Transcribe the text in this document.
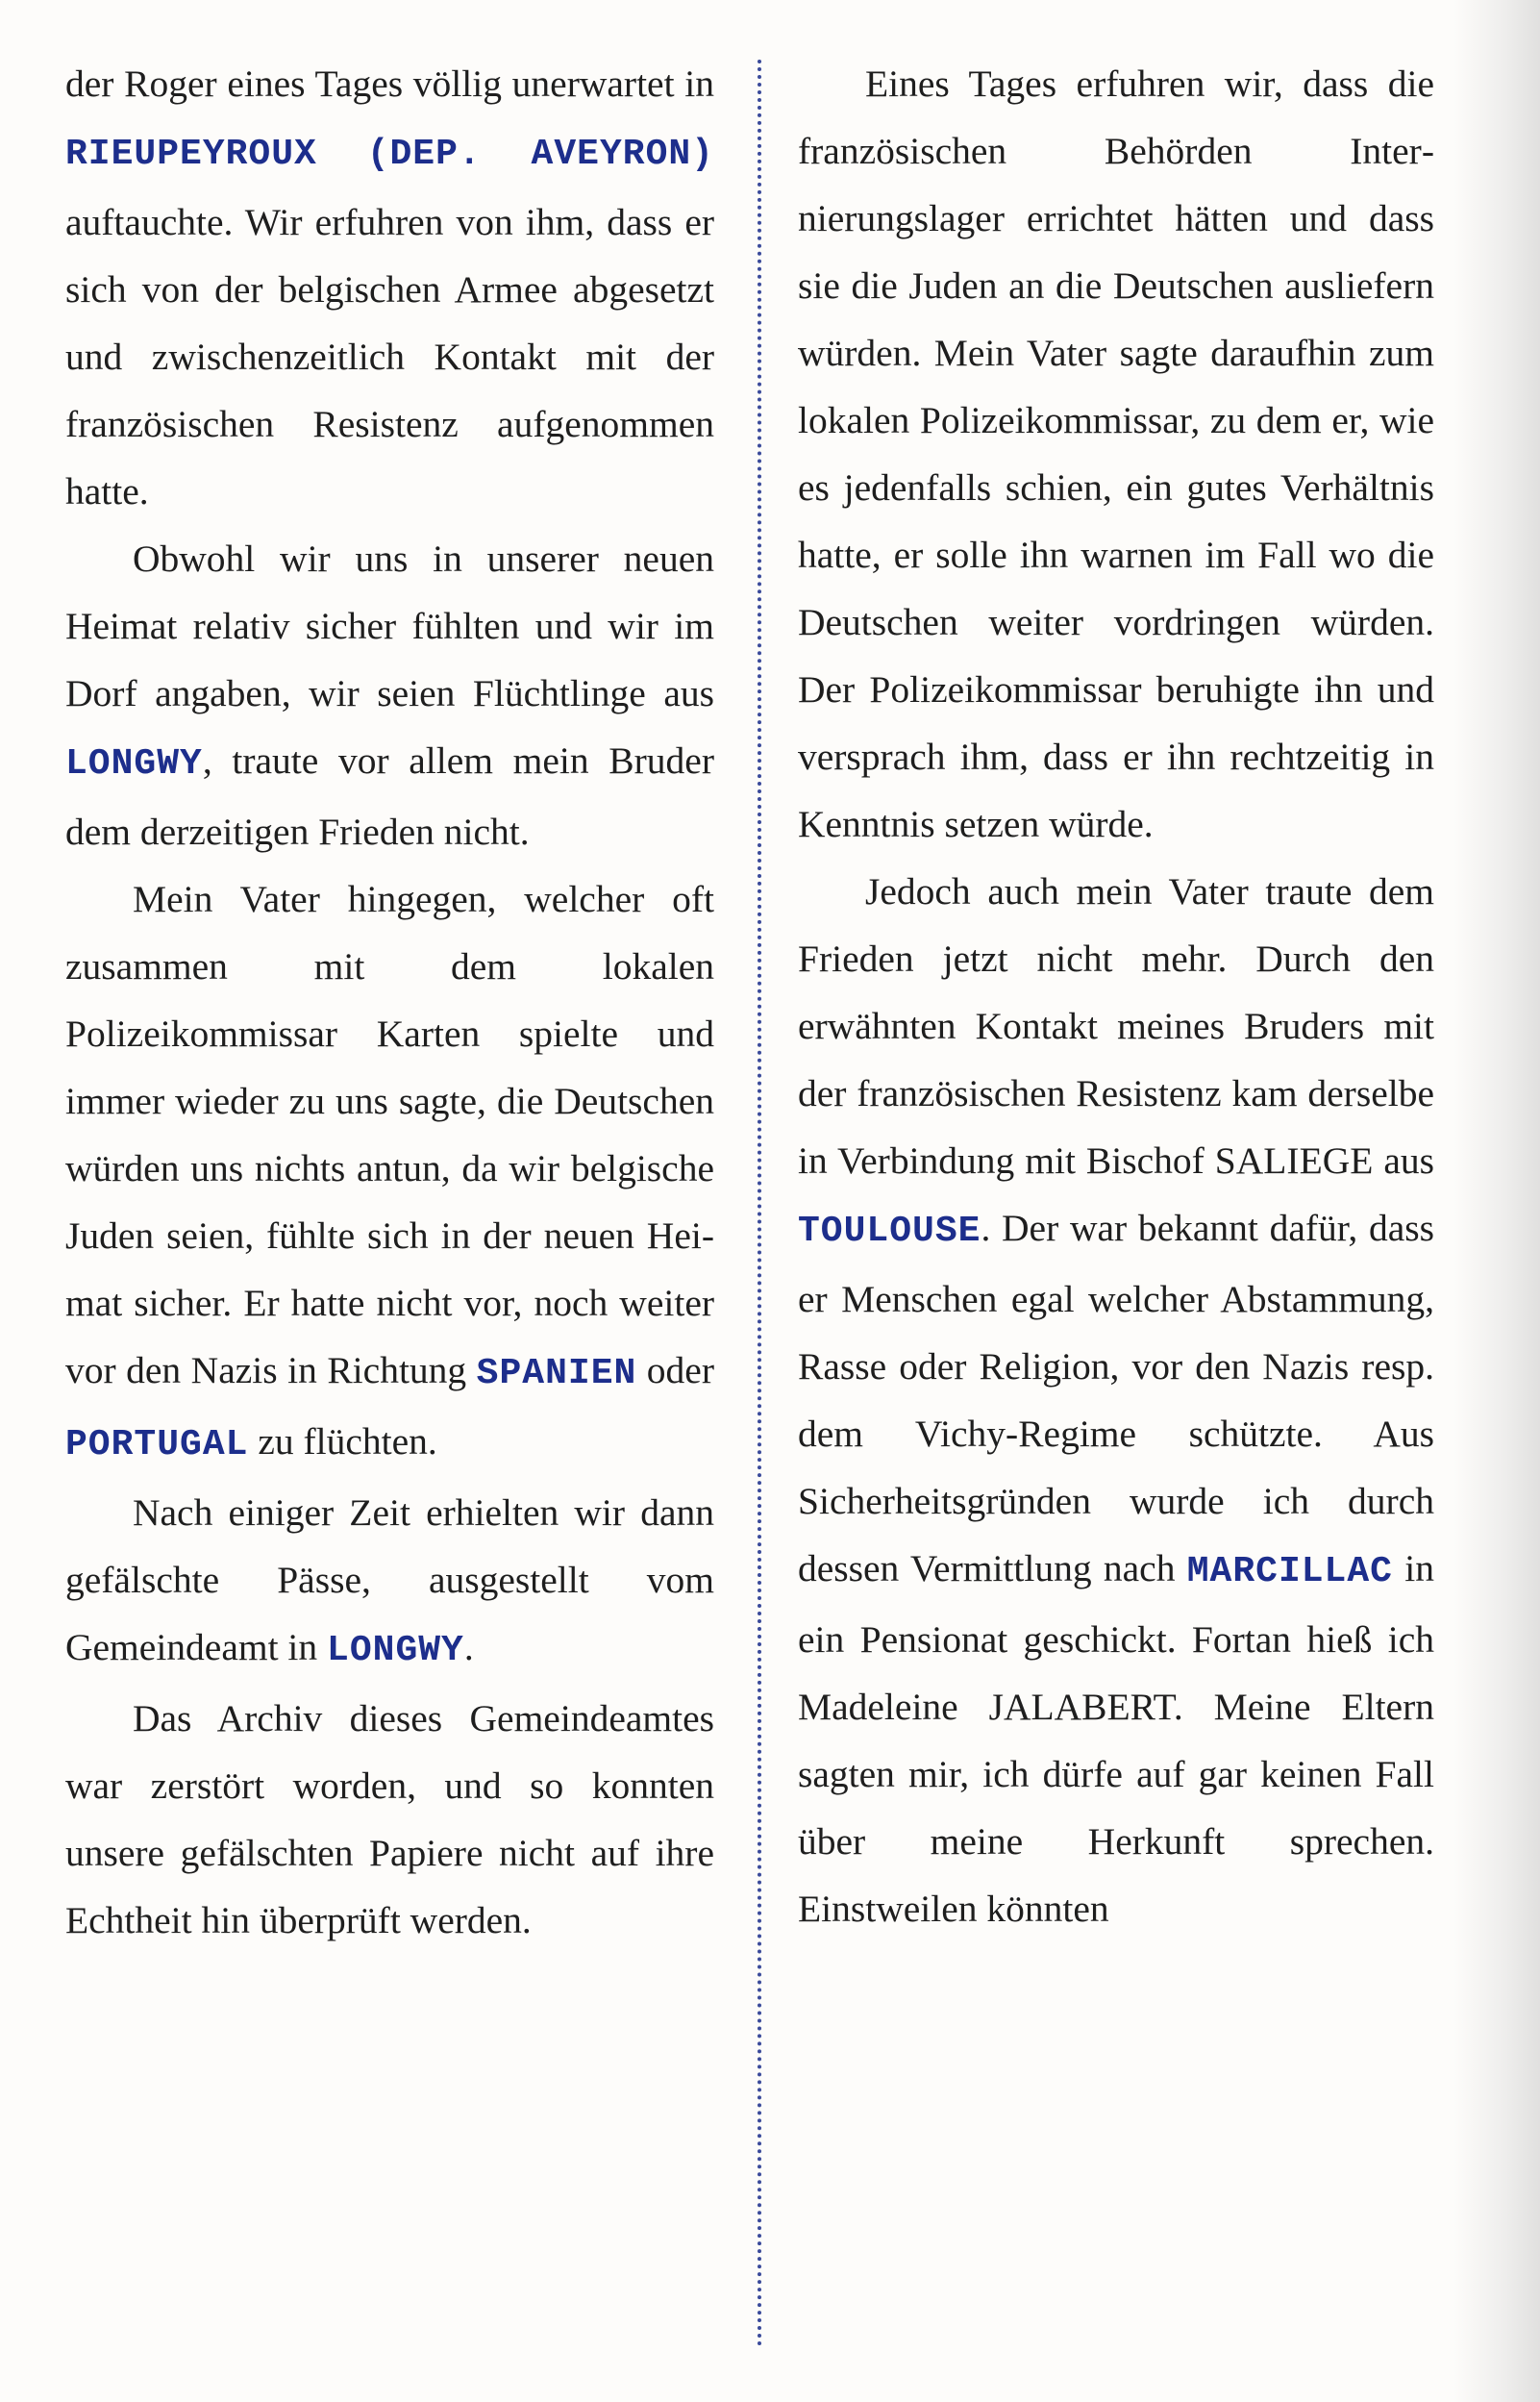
der Roger eines Tages völlig unerwartet in RIEUPEYROUX (DEP. AVEYRON) auftauchte. Wir erfuhren von ihm, dass er sich von der belgischen Armee abgesetzt und zwischenzeitlich Kontakt mit der französischen Resistenz aufgenommen hatte.

Obwohl wir uns in unserer neuen Heimat relativ sicher fühlten und wir im Dorf angaben, wir seien Flüchtlinge aus LONGWY, traute vor allem mein Bruder dem derzeitigen Frieden nicht.

Mein Vater hingegen, welcher oft zusammen mit dem lokalen Polizeikommissar Karten spielte und immer wieder zu uns sagte, die Deutschen würden uns nichts antun, da wir belgische Juden seien, fühlte sich in der neuen Heimat sicher. Er hatte nicht vor, noch weiter vor den Nazis in Richtung SPANIEN oder PORTUGAL zu flüchten.

Nach einiger Zeit erhielten wir dann gefälschte Pässe, ausgestellt vom Gemeindeamt in LONGWY.

Das Archiv dieses Gemeindeamtes war zerstört worden, und so konnten unsere gefälschten Papiere nicht auf ihre Echtheit hin überprüft werden.

Eines Tages erfuhren wir, dass die französischen Behörden Internierungslager errichtet hätten und dass sie die Juden an die Deutschen ausliefern würden. Mein Vater sagte daraufhin zum lokalen Polizeikommissar, zu dem er, wie es jedenfalls schien, ein gutes Verhältnis hatte, er solle ihn warnen im Fall wo die Deutschen weiter vordringen würden. Der Polizeikommissar beruhigte ihn und versprach ihm, dass er ihn rechtzeitig in Kenntnis setzen würde.

Jedoch auch mein Vater traute dem Frieden jetzt nicht mehr. Durch den erwähnten Kontakt meines Bruders mit der französischen Resistenz kam derselbe in Verbindung mit Bischof SALIEGE aus TOULOUSE. Der war bekannt dafür, dass er Menschen egal welcher Abstammung, Rasse oder Religion, vor den Nazis resp. dem Vichy-Regime schützte. Aus Sicherheitsgründen wurde ich durch dessen Vermittlung nach MARCILLAC in ein Pensionat geschickt. Fortan hieß ich Madeleine JALABERT. Meine Eltern sagten mir, ich dürfe auf gar keinen Fall über meine Herkunft sprechen. Einstweilen könnten
